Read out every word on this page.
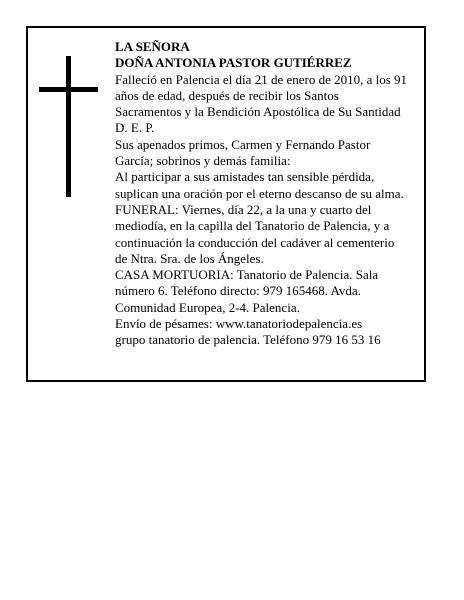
LA SEÑORA

DOÑA ANTONIA PASTOR GUTIÉRREZ

Falleció en Palencia el día 21 de enero de 2010, a los 91

años de edad, después de recibir los Santos

Sacramentos y la Bendición Apostólica de Su Santidad

D. E. P.

Sus apenados primos, Carmen y Fernando Pastor

García; sobrinos y demás familia:

Al participar a sus amistades tan sensible pérdida,

suplican una oración por el eterno descanso de su alma.

FUNERAL: Viernes, día 22, a la una y cuarto del

mediodía, en la capilla del Tanatorio de Palencia, y a

continuación la conducción del cadáver al cementerio

de Ntra. Sra. de los Ángeles.

CASA MORTUORIA: Tanatorio de Palencia. Sala

número 6. Teléfono directo: 979 165468. Avda.

Comunidad Europea, 2-4. Palencia.

Envío de pésames: www.tanatoriodepalencia.es

grupo tanatorio de palencia. Teléfono 979 16 53 16
